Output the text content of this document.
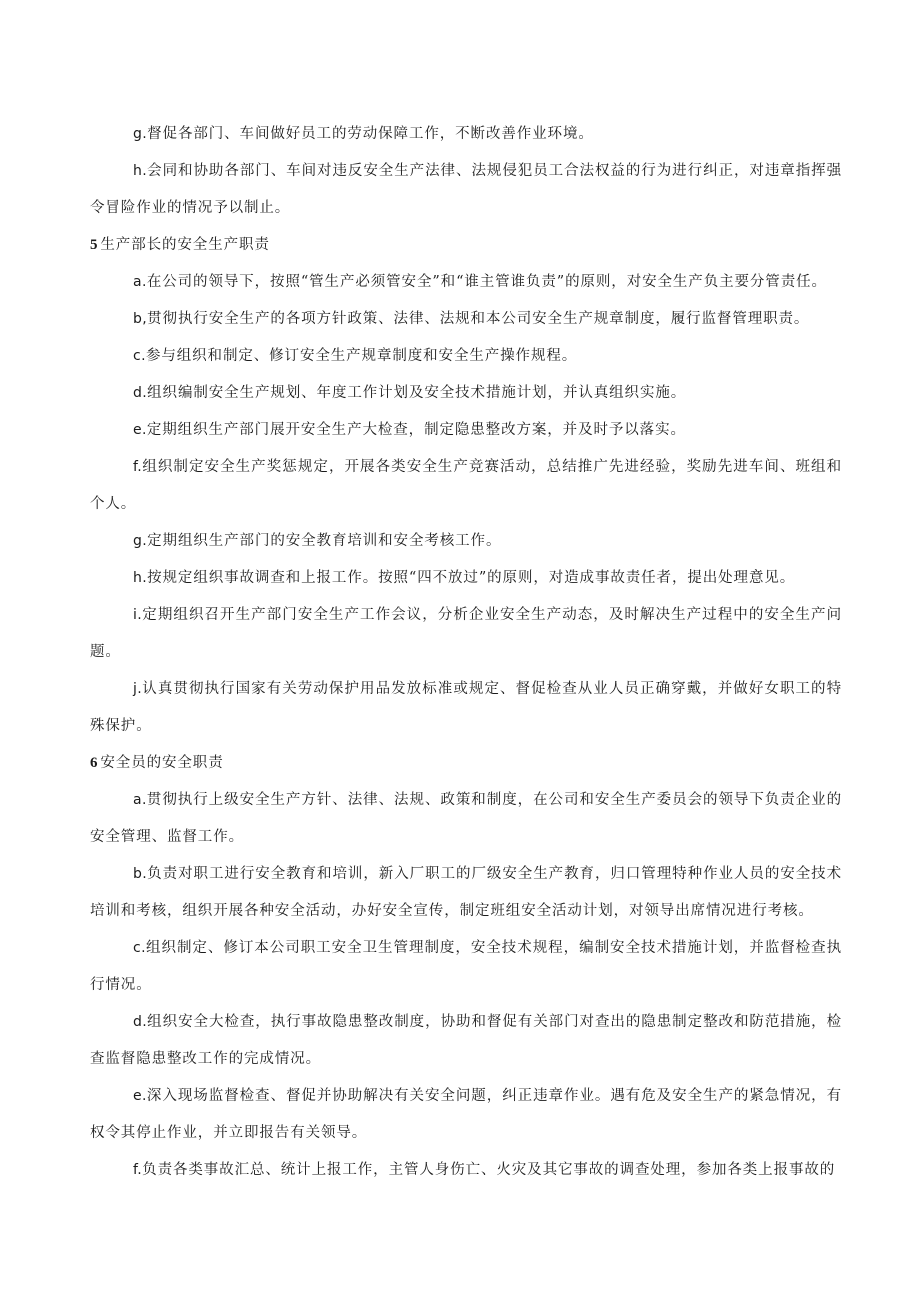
g.督促各部门、车间做好员工的劳动保障工作，不断改善作业环境。

h.会同和协助各部门、车间对违反安全生产法律、法规侵犯员工合法权益的行为进行纠正，对违章指挥强令冒险作业的情况予以制止。

5 生产部长的安全生产职责

a.在公司的领导下，按照“管生产必须管安全”和“谁主管谁负责”的原则，对安全生产负主要分管责任。

b,贯彻执行安全生产的各项方针政策、法律、法规和本公司安全生产规章制度，履行监督管理职责。

c.参与组织和制定、修订安全生产规章制度和安全生产操作规程。

d.组织编制安全生产规划、年度工作计划及安全技术措施计划，并认真组织实施。

e.定期组织生产部门展开安全生产大检查，制定隐患整改方案，并及时予以落实。

f.组织制定安全生产奖惩规定，开展各类安全生产竞赛活动，总结推广先进经验，奖励先进车间、班组和个人。

g.定期组织生产部门的安全教育培训和安全考核工作。

h.按规定组织事故调查和上报工作。按照“四不放过”的原则，对造成事故责任者，提出处理意见。

i.定期组织召开生产部门安全生产工作会议，分析企业安全生产动态，及时解决生产过程中的安全生产问题。

j.认真贯彻执行国家有关劳动保护用品发放标准或规定、督促检查从业人员正确穿戴，并做好女职工的特殊保护。

6 安全员的安全职责

a.贯彻执行上级安全生产方针、法律、法规、政策和制度，在公司和安全生产委员会的领导下负责企业的安全管理、监督工作。

b.负责对职工进行安全教育和培训，新入厂职工的厂级安全生产教育，归口管理特种作业人员的安全技术培训和考核，组织开展各种安全活动，办好安全宣传，制定班组安全活动计划，对领导出席情况进行考核。

c.组织制定、修订本公司职工安全卫生管理制度，安全技术规程，编制安全技术措施计划，并监督检查执行情况。

d.组织安全大检查，执行事故隐患整改制度，协助和督促有关部门对查出的隐患制定整改和防范措施，检查监督隐患整改工作的完成情况。

e.深入现场监督检查、督促并协助解决有关安全问题，纠正违章作业。遇有危及安全生产的紧急情况，有权令其停止作业，并立即报告有关领导。

f.负责各类事故汇总、统计上报工作，主管人身伤亡、火灾及其它事故的调查处理，参加各类上报事故的
